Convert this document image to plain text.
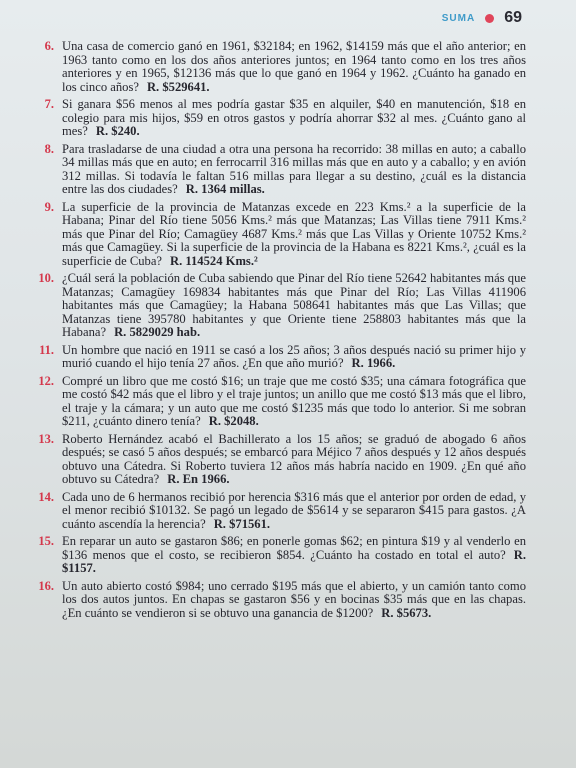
SUMA 69
6. Una casa de comercio ganó en 1961, $32184; en 1962, $14159 más que el año anterior; en 1963 tanto como en los dos años anteriores juntos; en 1964 tanto como en los tres años anteriores y en 1965, $12136 más que lo que ganó en 1964 y 1962. ¿Cuánto ha ganado en los cinco años? R. $529641.
7. Si ganara $56 menos al mes podría gastar $35 en alquiler, $40 en manutención, $18 en colegio para mis hijos, $59 en otros gastos y podría ahorrar $32 al mes. ¿Cuánto gano al mes? R. $240.
8. Para trasladarse de una ciudad a otra una persona ha recorrido: 38 millas en auto; a caballo 34 millas más que en auto; en ferrocarril 316 millas más que en auto y a caballo; y en avión 312 millas. Si todavía le faltan 516 millas para llegar a su destino, ¿cuál es la distancia entre las dos ciudades? R. 1364 millas.
9. La superficie de la provincia de Matanzas excede en 223 Kms.² a la superficie de la Habana; Pinar del Río tiene 5056 Kms.² más que Matanzas; Las Villas tiene 7911 Kms.² más que Pinar del Río; Camagüey 4687 Kms.² más que Las Villas y Oriente 10752 Kms.² más que Camagüey. Si la superficie de la provincia de la Habana es 8221 Kms.², ¿cuál es la superficie de Cuba? R. 114524 Kms.²
10. ¿Cuál será la población de Cuba sabiendo que Pinar del Río tiene 52642 habitantes más que Matanzas; Camagüey 169834 habitantes más que Pinar del Río; Las Villas 411906 habitantes más que Camagüey; la Habana 508641 habitantes más que Las Villas; que Matanzas tiene 395780 habitantes y que Oriente tiene 258803 habitantes más que la Habana? R. 5829029 hab.
11. Un hombre que nació en 1911 se casó a los 25 años; 3 años después nació su primer hijo y murió cuando el hijo tenía 27 años. ¿En que año murió? R. 1966.
12. Compré un libro que me costó $16; un traje que me costó $35; una cámara fotográfica que me costó $42 más que el libro y el traje juntos; un anillo que me costó $13 más que el libro, el traje y la cámara; y un auto que me costó $1235 más que todo lo anterior. Si me sobran $211, ¿cuánto dinero tenía? R. $2048.
13. Roberto Hernández acabó el Bachillerato a los 15 años; se graduó de abogado 6 años después; se casó 5 años después; se embarcó para Méjico 7 años después y 12 años después obtuvo una Cátedra. Si Roberto tuviera 12 años más habría nacido en 1909. ¿En qué año obtuvo su Cátedra? R. En 1966.
14. Cada uno de 6 hermanos recibió por herencia $316 más que el anterior por orden de edad, y el menor recibió $10132. Se pagó un legado de $5614 y se separaron $415 para gastos. ¿A cuánto ascendía la herencia? R. $71561.
15. En reparar un auto se gastaron $86; en ponerle gomas $62; en pintura $19 y al venderlo en $136 menos que el costo, se recibieron $854. ¿Cuánto ha costado en total el auto? R. $1157.
16. Un auto abierto costó $984; uno cerrado $195 más que el abierto, y un camión tanto como los dos autos juntos. En chapas se gastaron $56 y en bocinas $35 más que en las chapas. ¿En cuánto se vendieron si se obtuvo una ganancia de $1200? R. $5673.
